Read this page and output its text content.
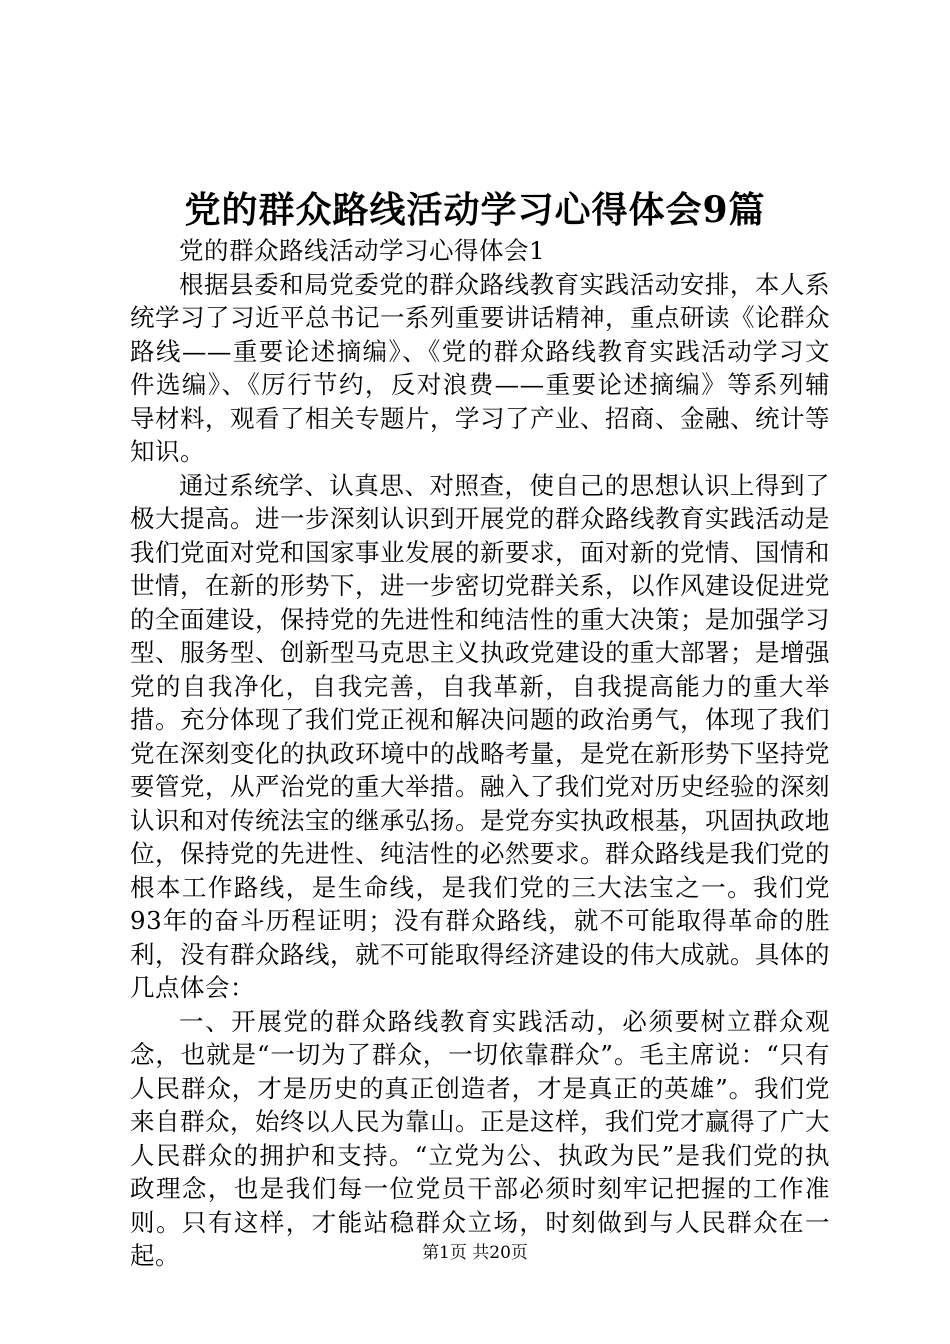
党的群众路线活动学习心得体会9篇

党的群众路线活动学习心得体会1

根据县委和局党委党的群众路线教育实践活动安排，本人系统学习了习近平总书记一系列重要讲话精神，重点研读《论群众路线——重要论述摘编》、《党的群众路线教育实践活动学习文件选编》、《厉行节约，反对浪费——重要论述摘编》等系列辅导材料，观看了相关专题片，学习了产业、招商、金融、统计等知识。

通过系统学、认真思、对照查，使自己的思想认识上得到了极大提高。进一步深刻认识到开展党的群众路线教育实践活动是我们党面对党和国家事业发展的新要求，面对新的党情、国情和世情，在新的形势下，进一步密切党群关系，以作风建设促进党的全面建设，保持党的先进性和纯洁性的重大决策；是加强学习型、服务型、创新型马克思主义执政党建设的重大部署；是增强党的自我净化，自我完善，自我革新，自我提高能力的重大举措。充分体现了我们党正视和解决问题的政治勇气，体现了我们党在深刻变化的执政环境中的战略考量，是党在新形势下坚持党要管党，从严治党的重大举措。融入了我们党对历史经验的深刻认识和对传统法宝的继承弘扬。是党夯实执政根基，巩固执政地位，保持党的先进性、纯洁性的必然要求。群众路线是我们党的根本工作路线，是生命线，是我们党的三大法宝之一。我们党93年的奋斗历程证明；没有群众路线，就不可能取得革命的胜利，没有群众路线，就不可能取得经济建设的伟大成就。具体的几点体会：

一、开展党的群众路线教育实践活动，必须要树立群众观念，也就是“一切为了群众，一切依靠群众”。毛主席说：“只有人民群众，才是历史的真正创造者，才是真正的英雄”。我们党来自群众，始终以人民为靠山。正是这样，我们党才赢得了广大人民群众的拥护和支持。“立党为公、执政为民”是我们党的执政理念，也是我们每一位党员干部必须时刻牢记把握的工作准则。只有这样，才能站稳群众立场，时刻做到与人民群众在一起。	第1页 共20页
